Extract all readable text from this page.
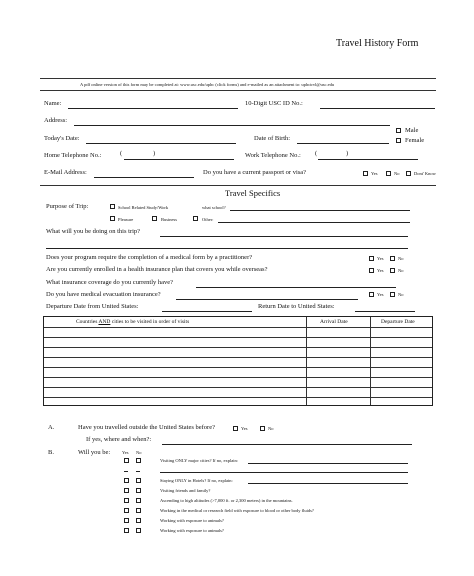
Travel History Form
A pdf online version of this form may be completed at: www.usc.edu/uphc (click forms) and e-mailed as an attachment to: uphctrvl@usc.edu
Name:	10-Digit USC ID No.:
Address:
Today's Date:	Date of Birth:
Male
Female
Home Telephone No.:	(	)	Work Telephone No.: (	)
E-Mail Address:	Do you have a current passport or visa?	Yes	No	Dont' Know
Travel Specifics
Purpose of Trip:	School Related Study/Work	what school?
Pleasure	Business	Other:
What will you be doing on this trip?
Does your program require the completion of a medical form by a practitioner?	Yes	No
Are you currently enrolled in a health insurance plan that covers you while overseas?	Yes	No
What insurance coverage do you currently have?
Do you have medical evacuation insurance?	Yes	No
Departure Date from United States:	Return Date to United States:
Countries AND cities to be visited in order of visits	Arrival Date	Departure Date
A.	Have you travelled outside the United States before?	Yes	No
If yes, where and when?:
B.	Will you be:	Yes No
Visiting ONLY major cities? If no, explain:
Staying ONLY in Hotels? If no, explain:
Visiting friends and family?
Ascending to high altitudes (>7,000 ft. or 2,300 meters) in the mountains.
Working in the medical or research field with exposure to blood or other body fluids?
Working with exposure to animals?
Working with exposure to animals?
